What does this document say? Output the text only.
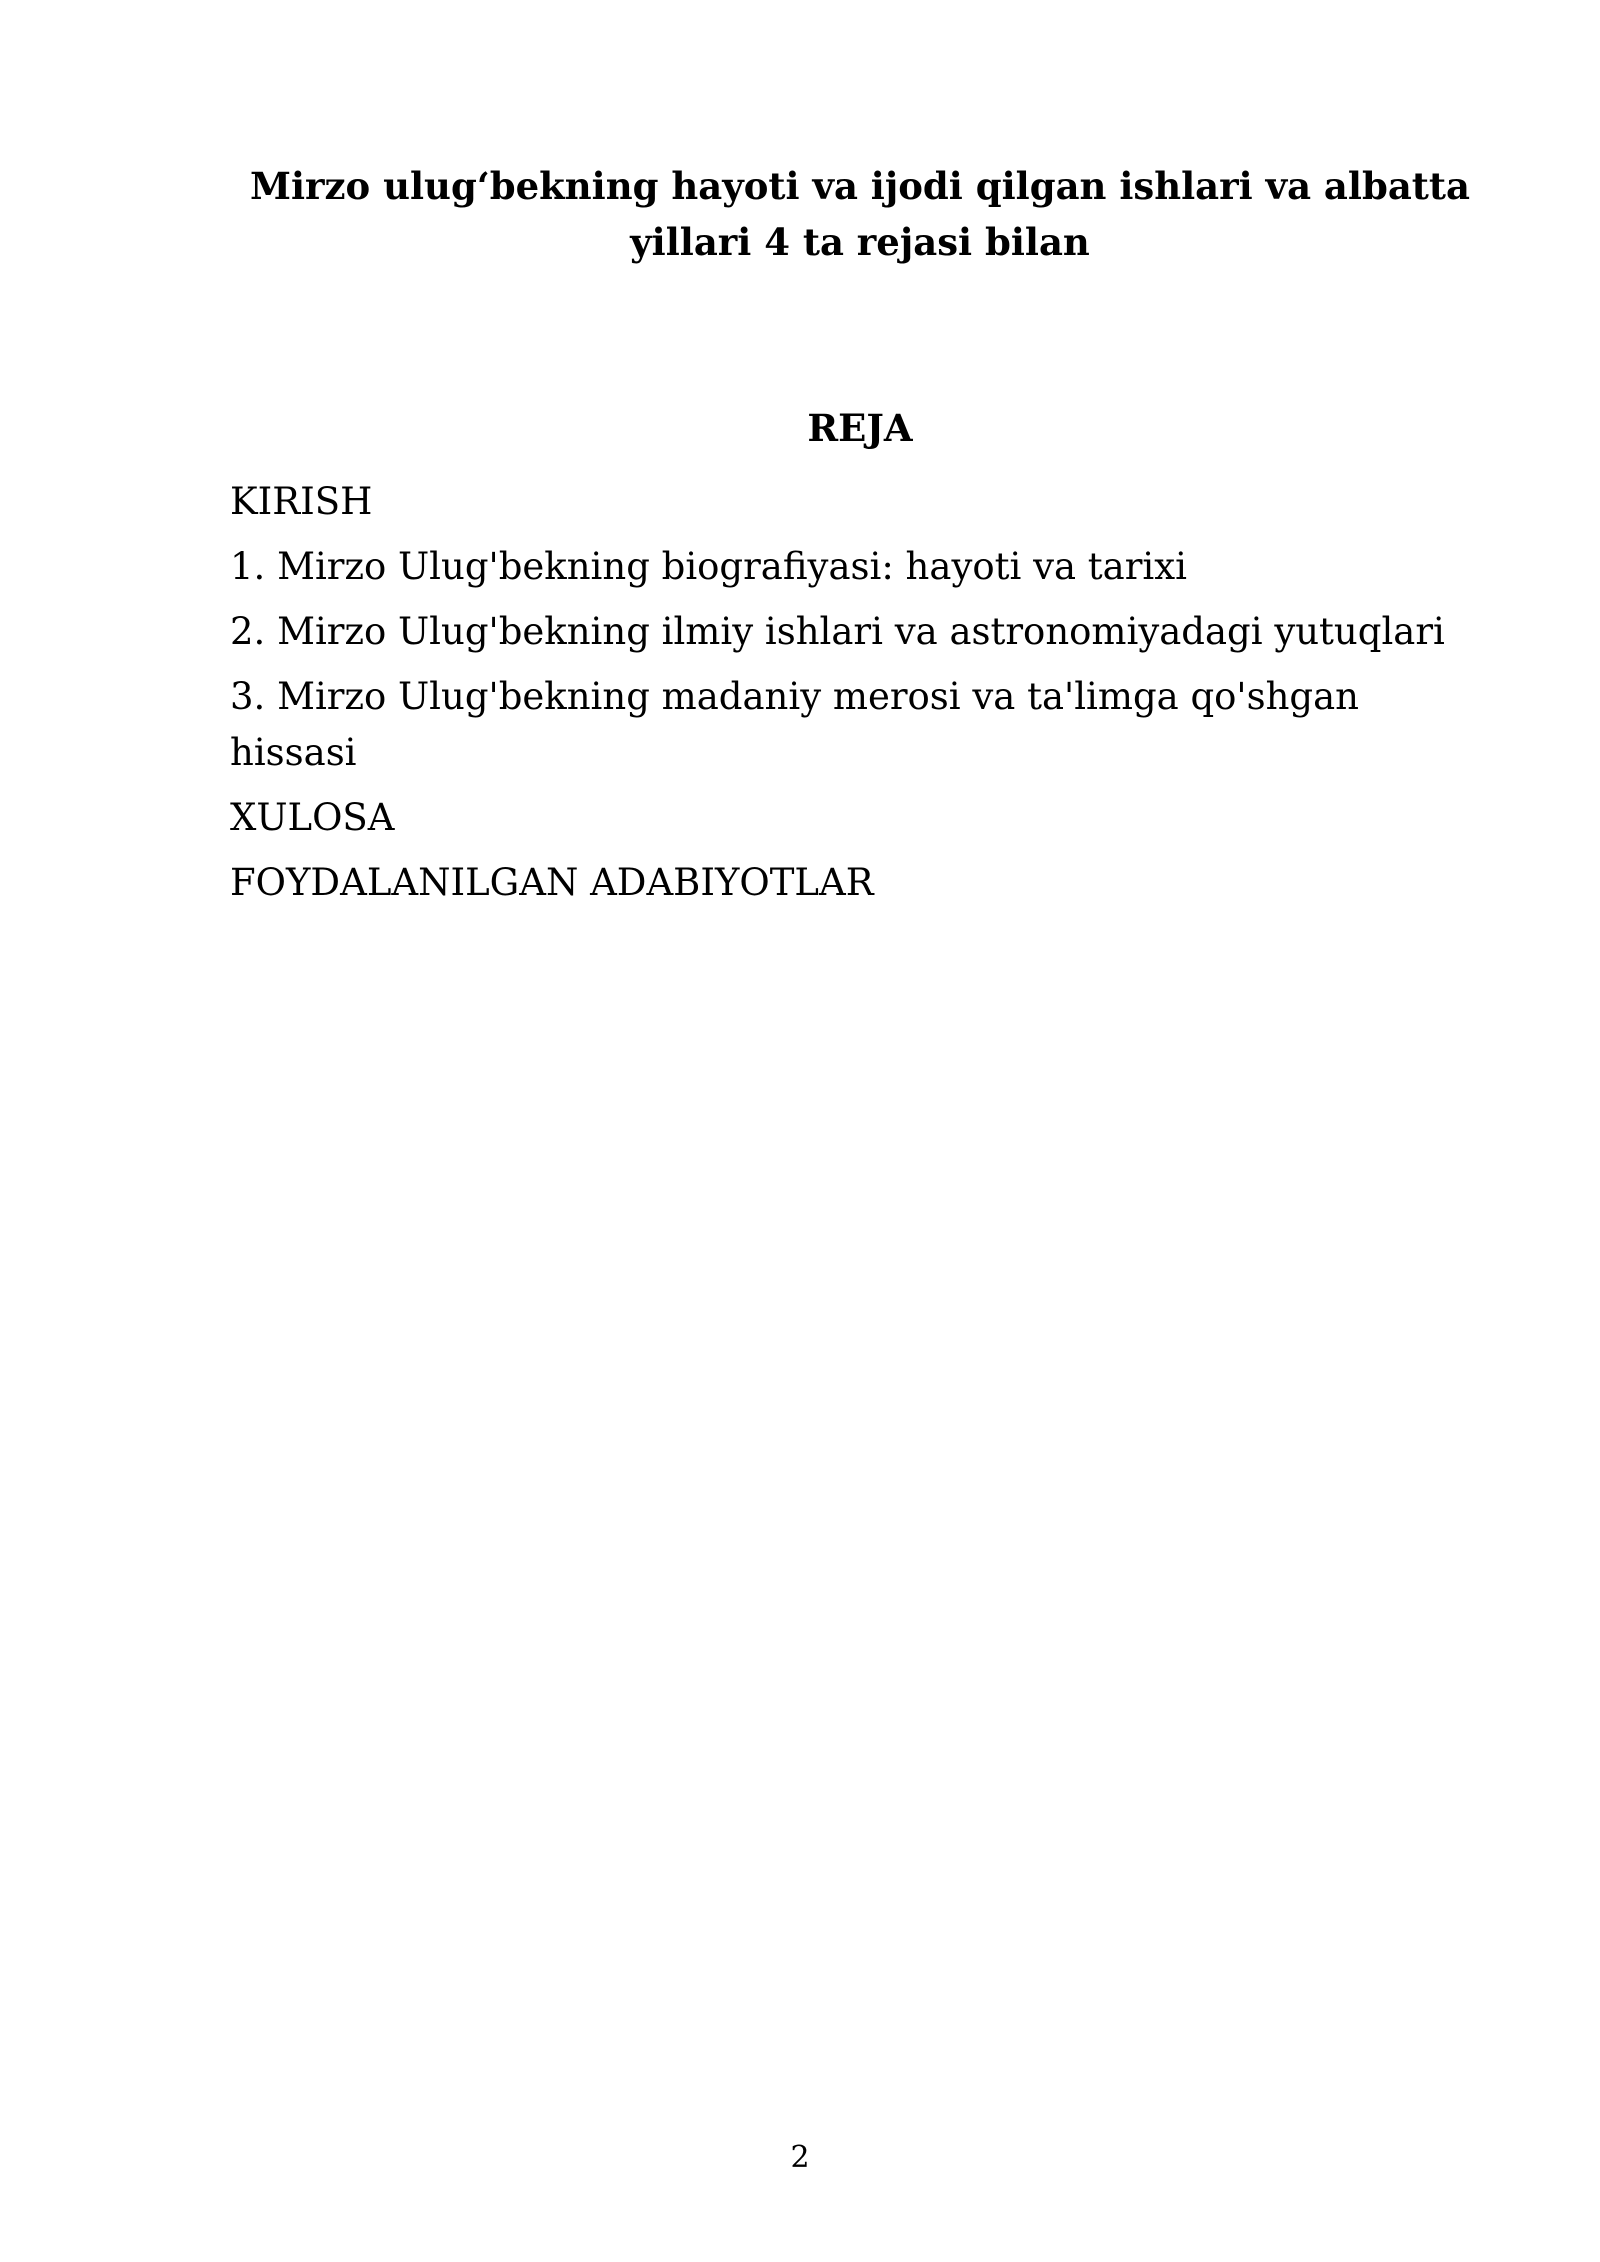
Mirzo ulug‘bekning hayoti va ijodi qilgan ishlari va albatta yillari 4 ta rejasi bilan
REJA
KIRISH
1. Mirzo Ulug'bekning biografiyasi: hayoti va tarixi
2. Mirzo Ulug'bekning ilmiy ishlari va astronomiyadagi yutuqlari
3. Mirzo Ulug'bekning madaniy merosi va ta'limga qo'shgan hissasi
XULOSA
FOYDALANILGAN ADABIYOTLAR
2
